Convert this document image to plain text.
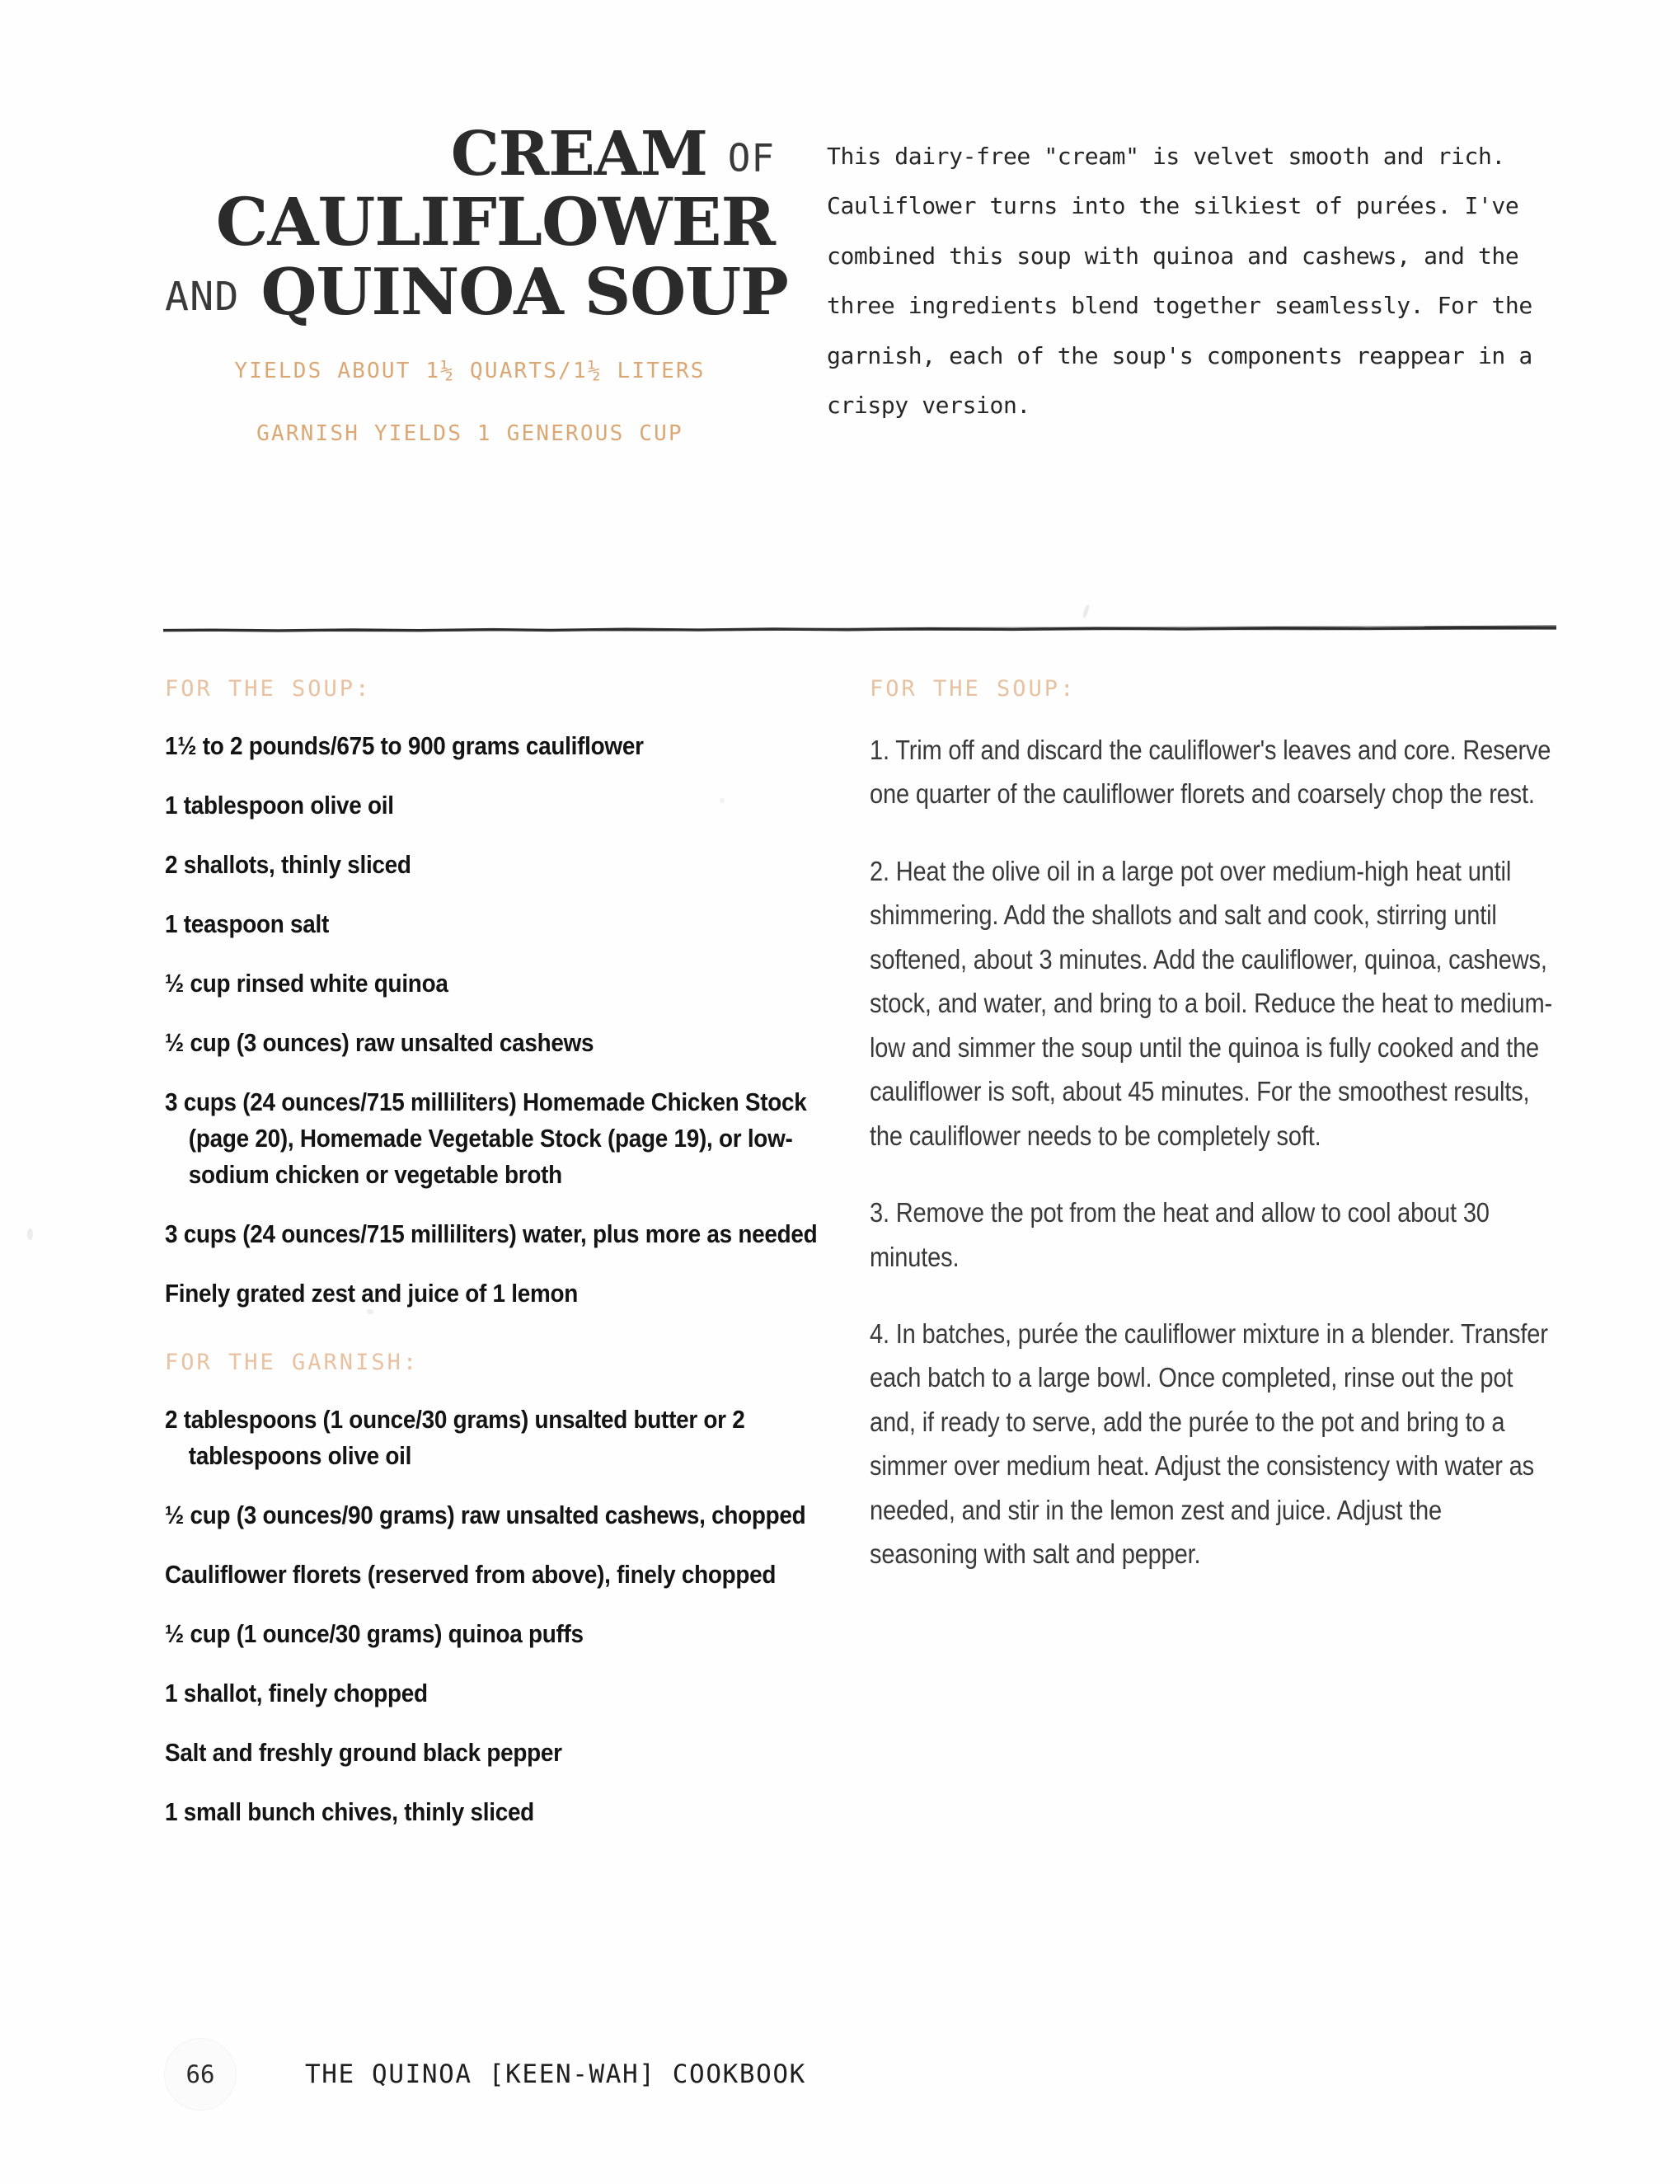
CREAM OF
CAULIFLOWER
AND QUINOA SOUP
YIELDS ABOUT 1½ QUARTS/1½ LITERS
GARNISH YIELDS 1 GENEROUS CUP
This dairy-free "cream" is velvet smooth and rich. Cauliflower turns into the silkiest of purées. I've combined this soup with quinoa and cashews, and the three ingredients blend together seamlessly. For the garnish, each of the soup's components reappear in a crispy version.
FOR THE SOUP:
1½ to 2 pounds/675 to 900 grams cauliflower
1 tablespoon olive oil
2 shallots, thinly sliced
1 teaspoon salt
½ cup rinsed white quinoa
½ cup (3 ounces) raw unsalted cashews
3 cups (24 ounces/715 milliliters) Homemade Chicken Stock (page 20), Homemade Vegetable Stock (page 19), or low-sodium chicken or vegetable broth
3 cups (24 ounces/715 milliliters) water, plus more as needed
Finely grated zest and juice of 1 lemon
FOR THE GARNISH:
2 tablespoons (1 ounce/30 grams) unsalted butter or 2 tablespoons olive oil
½ cup (3 ounces/90 grams) raw unsalted cashews, chopped
Cauliflower florets (reserved from above), finely chopped
½ cup (1 ounce/30 grams) quinoa puffs
1 shallot, finely chopped
Salt and freshly ground black pepper
1 small bunch chives, thinly sliced
FOR THE SOUP:
1. Trim off and discard the cauliflower's leaves and core. Reserve one quarter of the cauliflower florets and coarsely chop the rest.
2. Heat the olive oil in a large pot over medium-high heat until shimmering. Add the shallots and salt and cook, stirring until softened, about 3 minutes. Add the cauliflower, quinoa, cashews, stock, and water, and bring to a boil. Reduce the heat to medium-low and simmer the soup until the quinoa is fully cooked and the cauliflower is soft, about 45 minutes. For the smoothest results, the cauliflower needs to be completely soft.
3. Remove the pot from the heat and allow to cool about 30 minutes.
4. In batches, purée the cauliflower mixture in a blender. Transfer each batch to a large bowl. Once completed, rinse out the pot and, if ready to serve, add the purée to the pot and bring to a simmer over medium heat. Adjust the consistency with water as needed, and stir in the lemon zest and juice. Adjust the seasoning with salt and pepper.
66	THE QUINOA [KEEN-WAH] COOKBOOK
